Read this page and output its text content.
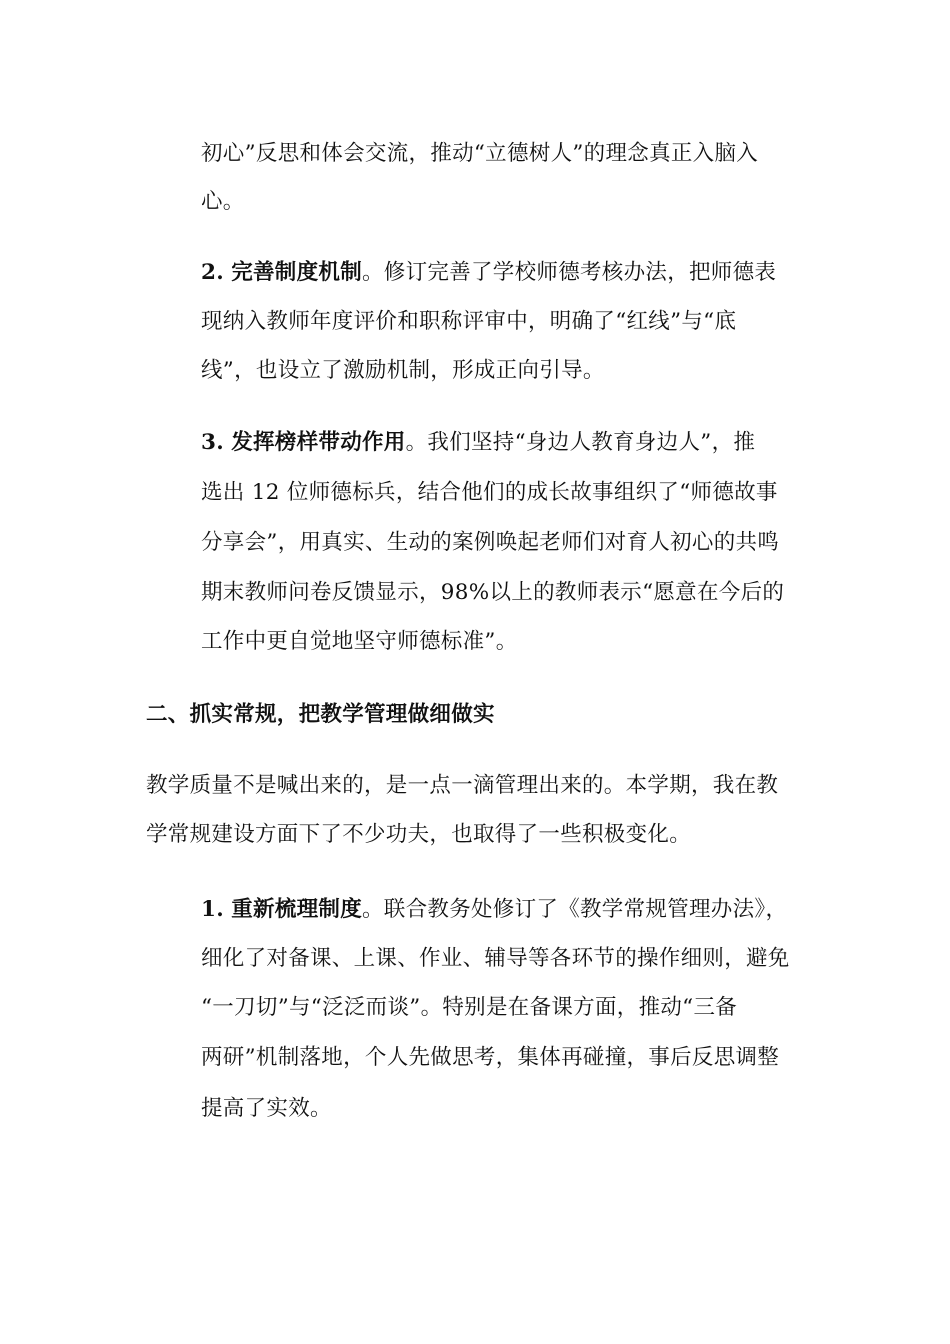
初心”反思和体会交流，推动“立德树人”的理念真正入脑入
心。
2. 完善制度机制。修订完善了学校师德考核办法，把师德表
现纳入教师年度评价和职称评审中，明确了“红线”与“底
线”，也设立了激励机制，形成正向引导。
3. 发挥榜样带动作用。我们坚持“身边人教育身边人”，推
选出 12 位师德标兵，结合他们的成长故事组织了“师德故事
分享会”，用真实、生动的案例唤起老师们对育人初心的共鸣
期末教师问卷反馈显示，98%以上的教师表示“愿意在今后的
工作中更自觉地坚守师德标准”。
二、抓实常规，把教学管理做细做实
教学质量不是喊出来的，是一点一滴管理出来的。本学期，我在教
学常规建设方面下了不少功夫，也取得了一些积极变化。
1. 重新梳理制度。联合教务处修订了《教学常规管理办法》，
细化了对备课、上课、作业、辅导等各环节的操作细则，避免
“一刀切”与“泛泛而谈”。特别是在备课方面，推动“三备
两研”机制落地，个人先做思考，集体再碰撞，事后反思调整
提高了实效。
